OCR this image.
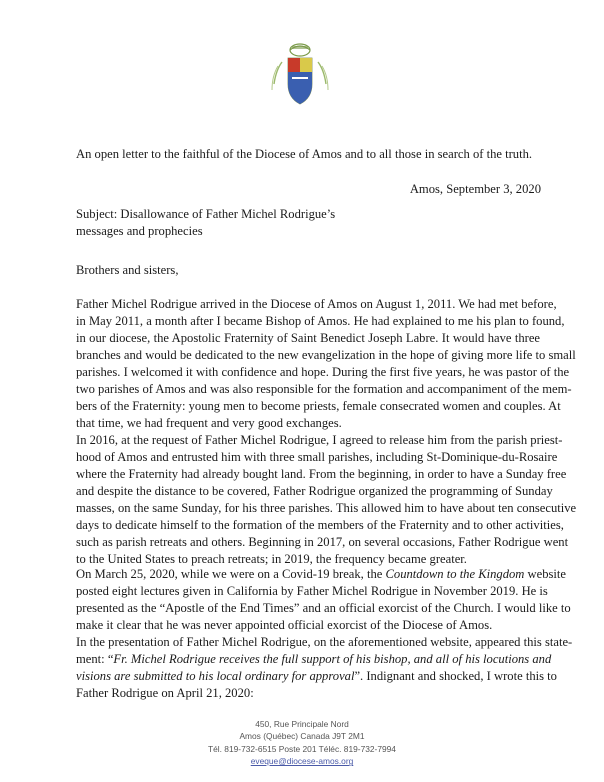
An open letter to the faithful of the Diocese of Amos and to all those in search of the truth.
Amos, September 3, 2020
Subject: Disallowance of Father Michel Rodrigue’s
messages and prophecies
Brothers and sisters,
Father Michel Rodrigue arrived in the Diocese of Amos on August 1, 2011. We had met before,
in May 2011, a month after I became Bishop of Amos. He had explained to me his plan to found,
in our diocese, the Apostolic Fraternity of Saint Benedict Joseph Labre. It would have three
branches and would be dedicated to the new evangelization in the hope of giving more life to small
parishes. I welcomed it with confidence and hope. During the first five years, he was pastor of the
two parishes of Amos and was also responsible for the formation and accompaniment of the mem-
bers of the Fraternity: young men to become priests, female consecrated women and couples. At
that time, we had frequent and very good exchanges.
In 2016, at the request of Father Michel Rodrigue, I agreed to release him from the parish priest-
hood of Amos and entrusted him with three small parishes, including St-Dominique-du-Rosaire
where the Fraternity had already bought land. From the beginning, in order to have a Sunday free
and despite the distance to be covered, Father Rodrigue organized the programming of Sunday
masses, on the same Sunday, for his three parishes. This allowed him to have about ten consecutive
days to dedicate himself to the formation of the members of the Fraternity and to other activities,
such as parish retreats and others. Beginning in 2017, on several occasions, Father Rodrigue went
to the United States to preach retreats; in 2019, the frequency became greater.
On March 25, 2020, while we were on a Covid-19 break, the Countdown to the Kingdom website
posted eight lectures given in California by Father Michel Rodrigue in November 2019. He is
presented as the “Apostle of the End Times” and an official exorcist of the Church. I would like to
make it clear that he was never appointed official exorcist of the Diocese of Amos.
In the presentation of Father Michel Rodrigue, on the aforementioned website, appeared this state-
ment: “Fr. Michel Rodrigue receives the full support of his bishop, and all of his locutions and
visions are submitted to his local ordinary for approval”. Indignant and shocked, I wrote this to
Father Rodrigue on April 21, 2020:
450, Rue Principale Nord
Amos (Québec) Canada J9T 2M1
Tél. 819-732-6515 Poste 201 Téléc. 819-732-7994
eveque@diocese-amos.org
